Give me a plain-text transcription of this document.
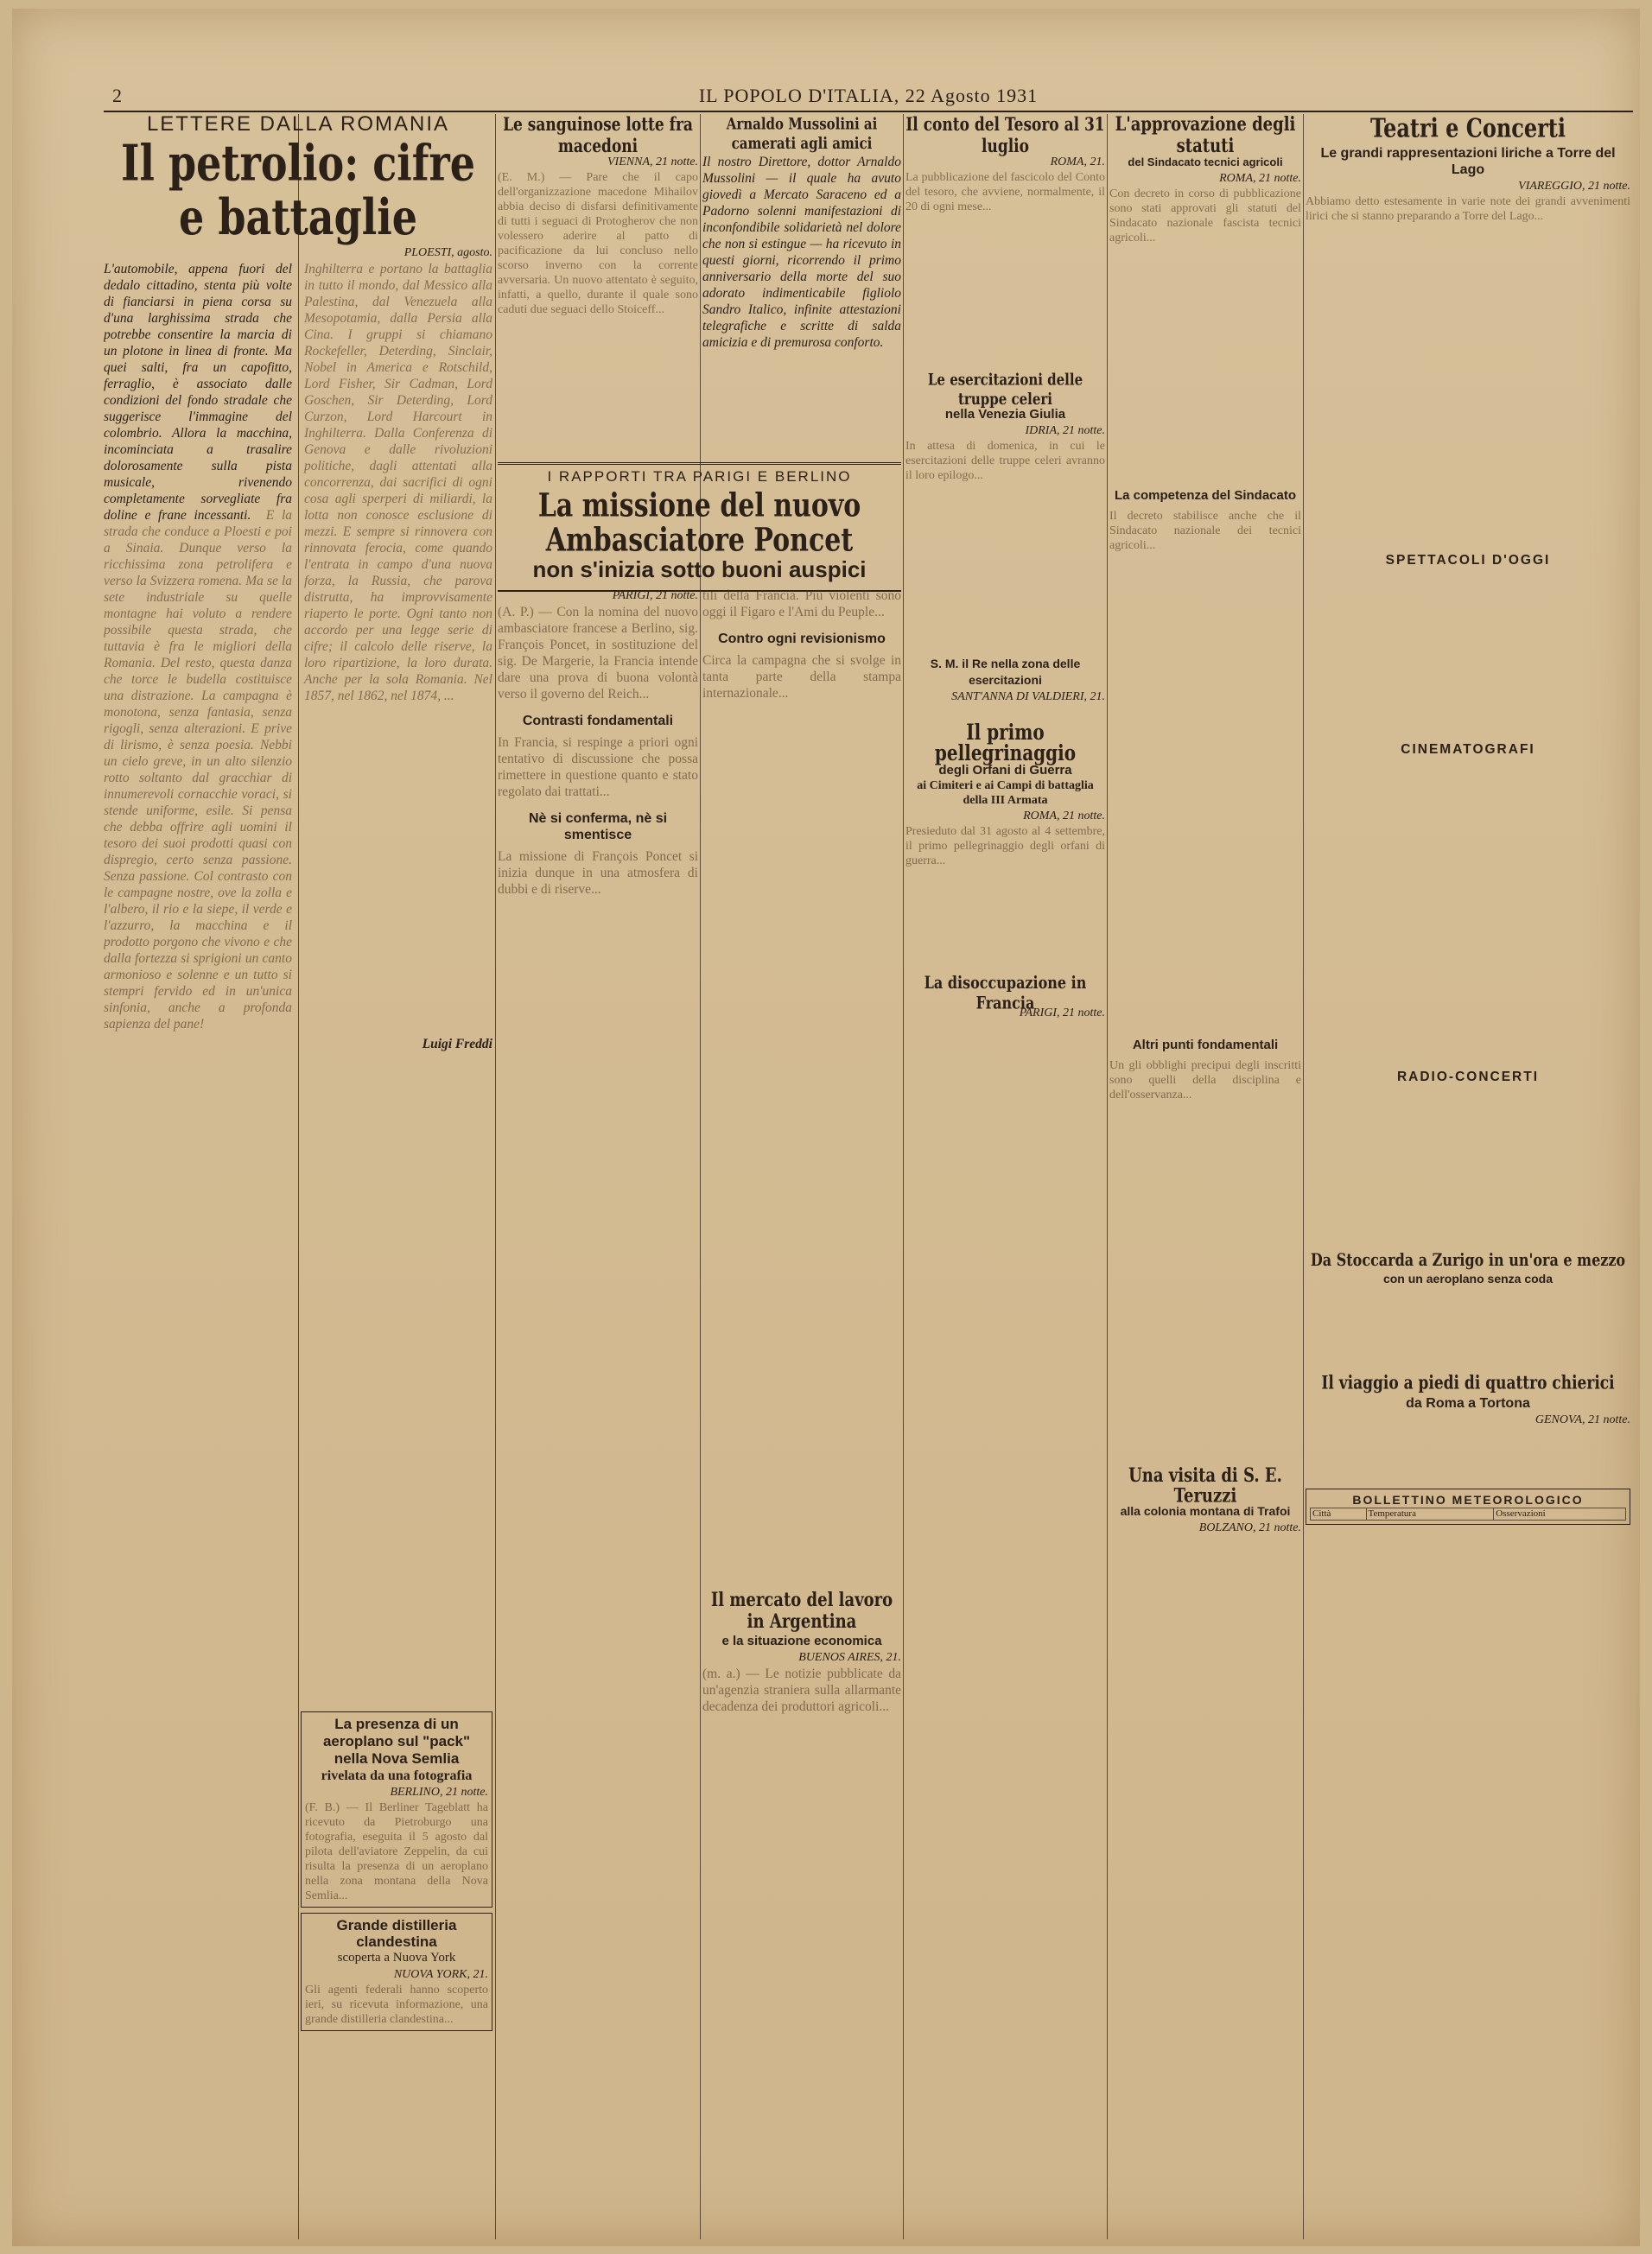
2	IL POPOLO D'ITALIA, 22 Agosto 1931
LETTERE DALLA ROMANIA
Il petrolio: cifre e battaglie
PLOESTI, agosto.
L'automobile, appena fuori del dedalo cittadino, stenta più volte di fianciarsi in piena corsa su d'una larghissima strada che potrebbe consentire la marcia di un plotone in linea di fronte. Ma quei salti, fra un capofitto, ferraglio, è associato dalle condizioni del fondo stradale che suggerisce l'immagine del colombrio. Allora la macchina, incominciata a trasalire dolorosamente sulla pista musicale, rivenendo completamente sorvegliate fra doline e frane incessanti.  E la strada che conduce a Ploesti e poi a Sinaia. Dunque verso la ricchissima zona petrolifera e verso la Svizzera romena. Ma se la sete industriale su quelle montagne hai voluto a rendere possibile questa strada, che tuttavia è fra le migliori della Romania. Del resto, questa danza che torce le budella costituisce una distrazione. La campagna è monotona, senza fantasia, senza rigogli, senza alterazioni. E prive di lirismo, è senza poesia. Nebbi un cielo greve, in un alto silenzio rotto soltanto dal gracchiar di innumerevoli cornacchie voraci, si stende uniforme, esile. Si pensa che debba offrire agli uomini il tesoro dei suoi prodotti quasi con dispregio, certo senza passione. Senza passione. Col contrasto con le campagne nostre, ove la zolla e l'albero, il rio e la siepe, il verde e l'azzurro, la macchina e il prodotto porgono che vivono e che dalla fortezza si sprigioni un canto armonioso e solenne e un tutto si stempri fervido ed in un'unica sinfonia, anche a profonda sapienza del pane!
Inghilterra e portano la battaglia in tutto il mondo, dal Messico alla Palestina, dal Venezuela alla Mesopotamia, dalla Persia alla Cina. I gruppi si chiamano Rockefeller, Deterding, Sinclair, Nobel in America e Rotschild, Lord Fisher, Sir Cadman, Lord Goschen, Sir Deterding, Lord Curzon, Lord Harcourt in Inghilterra. Dalla Conferenza di Genova e dalle rivoluzioni politiche, dagli attentati alla concorrenza, dai sacrifici di ogni cosa agli sperperi di miliardi, la lotta non conosce esclusione di mezzi. E sempre si rinnovera con rinnovata ferocia, come quando l'entrata in campo d'una nuova forza, la Russia, che parova distrutta, ha improvvisamente riaperto le porte. Ogni tanto non accordo per una legge serie di cifre; il calcolo delle riserve, la loro ripartizione, la loro durata. Anche per la sola Romania. Nel 1857, nel 1862, nel 1874, ...
Luigi Freddi
La presenza di un aeroplano sul "pack" nella Nova Semlia
rivelata da una fotografia
BERLINO, 21 notte.
(F. B.) — Il Berliner Tageblatt ha ricevuto da Pietroburgo una fotografia, eseguita il 5 agosto dal pilota dell'aviatore Zeppelin, da cui risulta la presenza di un aeroplano nella zona montana della Nova Semlia...
Grande distilleria clandestina
scoperta a Nuova York
NUOVA YORK, 21.
Gli agenti federali hanno scoperto ieri, su ricevuta informazione, una grande distilleria clandestina...
Le sanguinose lotte fra macedoni
VIENNA, 21 notte.
(E. M.) — Pare che il capo dell'organizzazione macedone Mihailov abbia deciso di disfarsi definitivamente di tutti i seguaci di Protogherov che non volessero aderire al patto di pacificazione da lui concluso nello scorso inverno con la corrente avversaria. Un nuovo attentato è seguito, infatti, a quello, durante il quale sono caduti due seguaci dello Stoiceff...
Arnaldo Mussolini ai camerati agli amici
Il nostro Direttore, dottor Arnaldo Mussolini — il quale ha avuto giovedì a Mercato Saraceno ed a Padorno solenni manifestazioni di inconfondibile solidarietà nel dolore che non si estingue — ha ricevuto in questi giorni, ricorrendo il primo anniversario della morte del suo adorato indimenticabile figliolo Sandro Italico, infinite attestazioni telegrafiche e scritte di salda amicizia e di premurosa conforto.
I RAPPORTI TRA PARIGI E BERLINO
La missione del nuovo Ambasciatore Poncet
non s'inizia sotto buoni auspici
PARIGI, 21 notte.
(A. P.) — Con la nomina del nuovo ambasciatore francese a Berlino, sig. François Poncet, in sostituzione del sig. De Margerie, la Francia intende dare una prova di buona volontà verso il governo del Reich...
Contrasti fondamentali
In Francia, si respinge a priori ogni tentativo di discussione che possa rimettere in questione quanto e stato regolato dai trattati...
Nè si conferma, nè si smentisce
La missione di François Poncet si inizia dunque in una atmosfera di dubbi e di riserve...
tili della Francia. Più violenti sono oggi il Figaro e l'Ami du Peuple...
Contro ogni revisionismo
Circa la campagna che si svolge in tanta parte della stampa internazionale...
Il mercato del lavoro in Argentina
e la situazione economica
BUENOS AIRES, 21.
(m. a.) — Le notizie pubblicate da un'agenzia straniera sulla allarmante decadenza dei produttori agricoli...
Il conto del Tesoro al 31 luglio
ROMA, 21.
La pubblicazione del fascicolo del Conto del tesoro, che avviene, normalmente, il 20 di ogni mese...
Le esercitazioni delle truppe celeri
nella Venezia Giulia
IDRIA, 21 notte.
In attesa di domenica, in cui le esercitazioni delle truppe celeri avranno il loro epilogo...
S. M. il Re nella zona delle esercitazioni
SANT'ANNA DI VALDIERI, 21.
Il primo pellegrinaggio
degli Orfani di Guerra
ai Cimiteri e ai Campi di battaglia della III Armata
ROMA, 21 notte.
Presieduto dal 31 agosto al 4 settembre, il primo pellegrinaggio degli orfani di guerra...
La disoccupazione in Francia
PARIGI, 21 notte.
L'approvazione degli statuti
del Sindacato tecnici agricoli
ROMA, 21 notte.
Con decreto in corso di pubblicazione sono stati approvati gli statuti del Sindacato nazionale fascista tecnici agricoli...
La competenza del Sindacato
Il decreto stabilisce anche che il Sindacato nazionale dei tecnici agricoli...
Altri punti fondamentali
Un gli obblighi precipui degli inscritti sono quelli della disciplina e dell'osservanza...
Una visita di S. E. Teruzzi
alla colonia montana di Trafoi
BOLZANO, 21 notte.
Teatri e Concerti
Le grandi rappresentazioni liriche a Torre del Lago
VIAREGGIO, 21 notte.
Abbiamo detto estesamente in varie note dei grandi avvenimenti lirici che si stanno preparando a Torre del Lago...
SPETTACOLI D'OGGI
CINEMATOGRAFI
RADIO-CONCERTI
Da Stoccarda a Zurigo in un'ora e mezzo
con un aeroplano senza coda
Il viaggio a piedi di quattro chierici
da Roma a Tortona
GENOVA, 21 notte.
BOLLETTINO METEOROLOGICO
Città	Temperatura	Osservazioni
